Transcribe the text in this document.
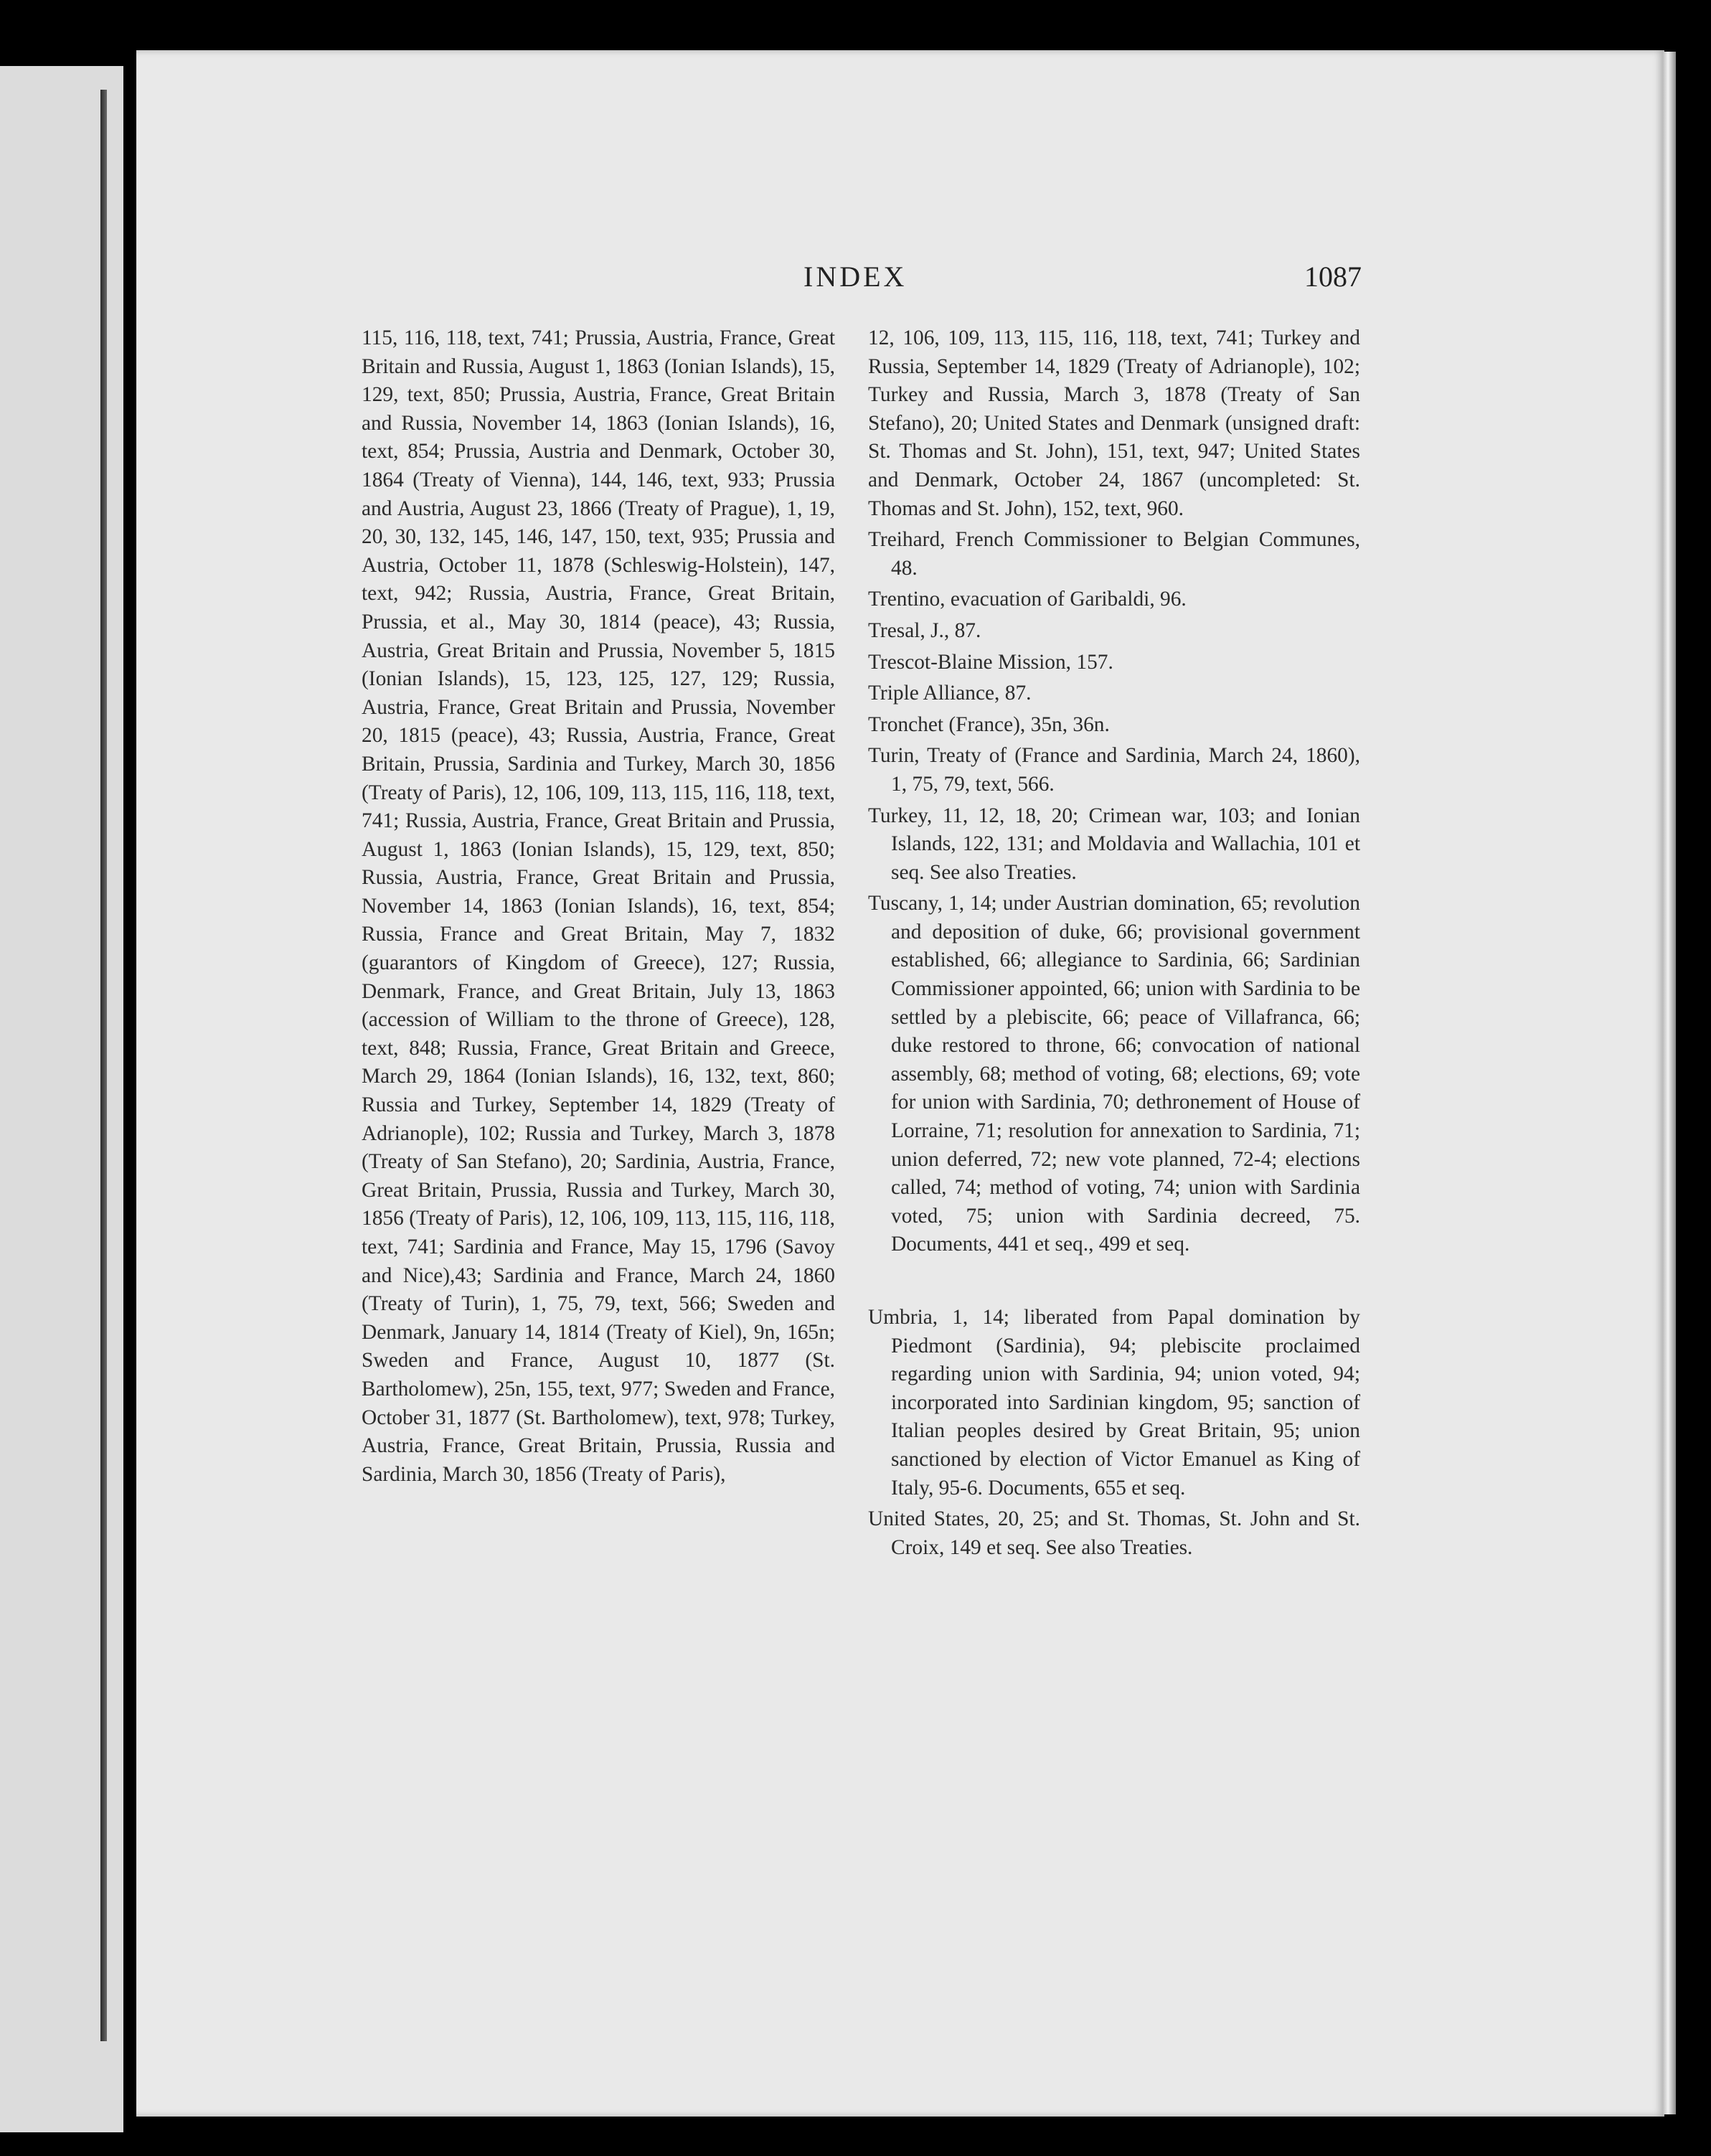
INDEX	1087

115, 116, 118, text, 741; Prussia, Austria, France, Great Britain and Russia, August 1, 1863 (Ionian Islands), 15, 129, text, 850; Prussia, Austria, France, Great Britain and Russia, November 14, 1863 (Ionian Islands), 16, text, 854; Prussia, Austria and Denmark, October 30, 1864 (Treaty of Vienna), 144, 146, text, 933; Prussia and Austria, August 23, 1866 (Treaty of Prague), 1, 19, 20, 30, 132, 145, 146, 147, 150, text, 935; Prussia and Austria, October 11, 1878 (Schleswig-Holstein), 147, text, 942; Russia, Austria, France, Great Britain, Prussia, et al., May 30, 1814 (peace), 43; Russia, Austria, Great Britain and Prussia, November 5, 1815 (Ionian Islands), 15, 123, 125, 127, 129; Russia, Austria, France, Great Britain and Prussia, November 20, 1815 (peace), 43; Russia, Austria, France, Great Britain, Prussia, Sardinia and Turkey, March 30, 1856 (Treaty of Paris), 12, 106, 109, 113, 115, 116, 118, text, 741; Russia, Austria, France, Great Britain and Prussia, August 1, 1863 (Ionian Islands), 15, 129, text, 850; Russia, Austria, France, Great Britain and Prussia, November 14, 1863 (Ionian Islands), 16, text, 854; Russia, France and Great Britain, May 7, 1832 (guarantors of Kingdom of Greece), 127; Russia, Denmark, France, and Great Britain, July 13, 1863 (accession of William to the throne of Greece), 128, text, 848; Russia, France, Great Britain and Greece, March 29, 1864 (Ionian Islands), 16, 132, text, 860; Russia and Turkey, September 14, 1829 (Treaty of Adrianople), 102; Russia and Turkey, March 3, 1878 (Treaty of San Stefano), 20; Sardinia, Austria, France, Great Britain, Prussia, Russia and Turkey, March 30, 1856 (Treaty of Paris), 12, 106, 109, 113, 115, 116, 118, text, 741; Sardinia and France, May 15, 1796 (Savoy and Nice),43; Sardinia and France, March 24, 1860 (Treaty of Turin), 1, 75, 79, text, 566; Sweden and Denmark, January 14, 1814 (Treaty of Kiel), 9n, 165n; Sweden and France, August 10, 1877 (St. Bartholomew), 25n, 155, text, 977; Sweden and France, October 31, 1877 (St. Bartholomew), text, 978; Turkey, Austria, France, Great Britain, Prussia, Russia and Sardinia, March 30, 1856 (Treaty of Paris),

12, 106, 109, 113, 115, 116, 118, text, 741; Turkey and Russia, September 14, 1829 (Treaty of Adrianople), 102; Turkey and Russia, March 3, 1878 (Treaty of San Stefano), 20; United States and Denmark (unsigned draft: St. Thomas and St. John), 151, text, 947; United States and Denmark, October 24, 1867 (uncompleted: St. Thomas and St. John), 152, text, 960.

Treihard, French Commissioner to Belgian Communes, 48.

Trentino, evacuation of Garibaldi, 96.

Tresal, J., 87.

Trescot-Blaine Mission, 157.

Triple Alliance, 87.

Tronchet (France), 35n, 36n.

Turin, Treaty of (France and Sardinia, March 24, 1860), 1, 75, 79, text, 566.

Turkey, 11, 12, 18, 20; Crimean war, 103; and Ionian Islands, 122, 131; and Moldavia and Wallachia, 101 et seq. See also Treaties.

Tuscany, 1, 14; under Austrian domination, 65; revolution and deposition of duke, 66; provisional government established, 66; allegiance to Sardinia, 66; Sardinian Commissioner appointed, 66; union with Sardinia to be settled by a plebiscite, 66; peace of Villafranca, 66; duke restored to throne, 66; convocation of national assembly, 68; method of voting, 68; elections, 69; vote for union with Sardinia, 70; dethronement of House of Lorraine, 71; resolution for annexation to Sardinia, 71; union deferred, 72; new vote planned, 72-4; elections called, 74; method of voting, 74; union with Sardinia voted, 75; union with Sardinia decreed, 75. Documents, 441 et seq., 499 et seq.

Umbria, 1, 14; liberated from Papal domination by Piedmont (Sardinia), 94; plebiscite proclaimed regarding union with Sardinia, 94; union voted, 94; incorporated into Sardinian kingdom, 95; sanction of Italian peoples desired by Great Britain, 95; union sanctioned by election of Victor Emanuel as King of Italy, 95-6. Documents, 655 et seq.

United States, 20, 25; and St. Thomas, St. John and St. Croix, 149 et seq. See also Treaties.
